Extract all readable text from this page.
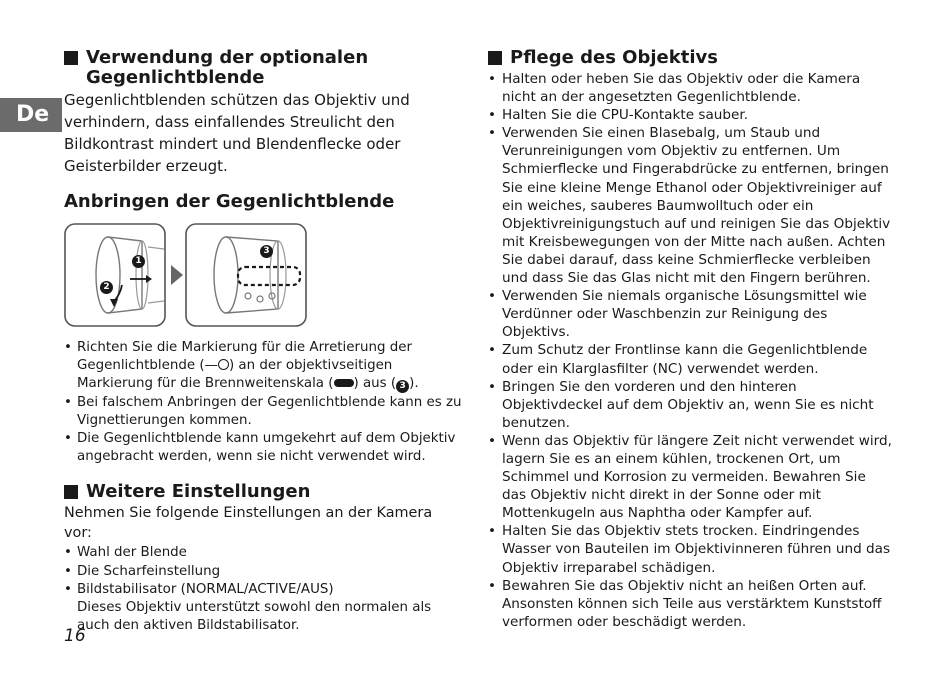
De
Verwendung der optionalen
Gegenlichtblende

Gegenlichtblenden schützen das Objektiv und verhindern, dass einfallendes Streulicht den Bildkontrast mindert und Blendenflecke oder Geisterbilder erzeugt.

Anbringen der Gegenlichtblende
1
2
3
• Richten Sie die Markierung für die Arretierung der Gegenlichtblende (— ) an der objektivseitigen Markierung für die Brennweitenskala ( ) aus ( 3 ).
• Bei falschem Anbringen der Gegenlichtblende kann es zu Vignettierungen kommen.
• Die Gegenlichtblende kann umgekehrt auf dem Objektiv angebracht werden, wenn sie nicht verwendet wird.
Weitere Einstellungen

Nehmen Sie folgende Einstellungen an der Kamera vor:

• Wahl der Blende
• Die Scharfeinstellung
• Bildstabilisator (NORMAL/ACTIVE/AUS)
Dieses Objektiv unterstützt sowohl den normalen als auch den aktiven Bildstabilisator.
Pflege des Objektivs
• Halten oder heben Sie das Objektiv oder die Kamera nicht an der angesetzten Gegenlichtblende.
• Halten Sie die CPU-Kontakte sauber.
• Verwenden Sie einen Blasebalg, um Staub und Verunreinigungen vom Objektiv zu entfernen. Um Schmierflecke und Fingerabdrücke zu entfernen, bringen Sie eine kleine Menge Ethanol oder Objektivreiniger auf ein weiches, sauberes Baumwolltuch oder ein Objektivreinigungstuch auf und reinigen Sie das Objektiv mit Kreisbewegungen von der Mitte nach außen. Achten Sie dabei darauf, dass keine Schmierflecke verbleiben und dass Sie das Glas nicht mit den Fingern berühren.
• Verwenden Sie niemals organische Lösungsmittel wie Verdünner oder Waschbenzin zur Reinigung des Objektivs.
• Zum Schutz der Frontlinse kann die Gegenlichtblende oder ein Klarglasfilter (NC) verwendet werden.
• Bringen Sie den vorderen und den hinteren Objektivdeckel auf dem Objektiv an, wenn Sie es nicht benutzen.
• Wenn das Objektiv für längere Zeit nicht verwendet wird, lagern Sie es an einem kühlen, trockenen Ort, um Schimmel und Korrosion zu vermeiden. Bewahren Sie das Objektiv nicht direkt in der Sonne oder mit Mottenkugeln aus Naphtha oder Kampfer auf.
• Halten Sie das Objektiv stets trocken. Eindringendes Wasser von Bauteilen im Objektivinneren führen und das Objektiv irreparabel schädigen.
• Bewahren Sie das Objektiv nicht an heißen Orten auf. Ansonsten können sich Teile aus verstärktem Kunststoff verformen oder beschädigt werden.
16
